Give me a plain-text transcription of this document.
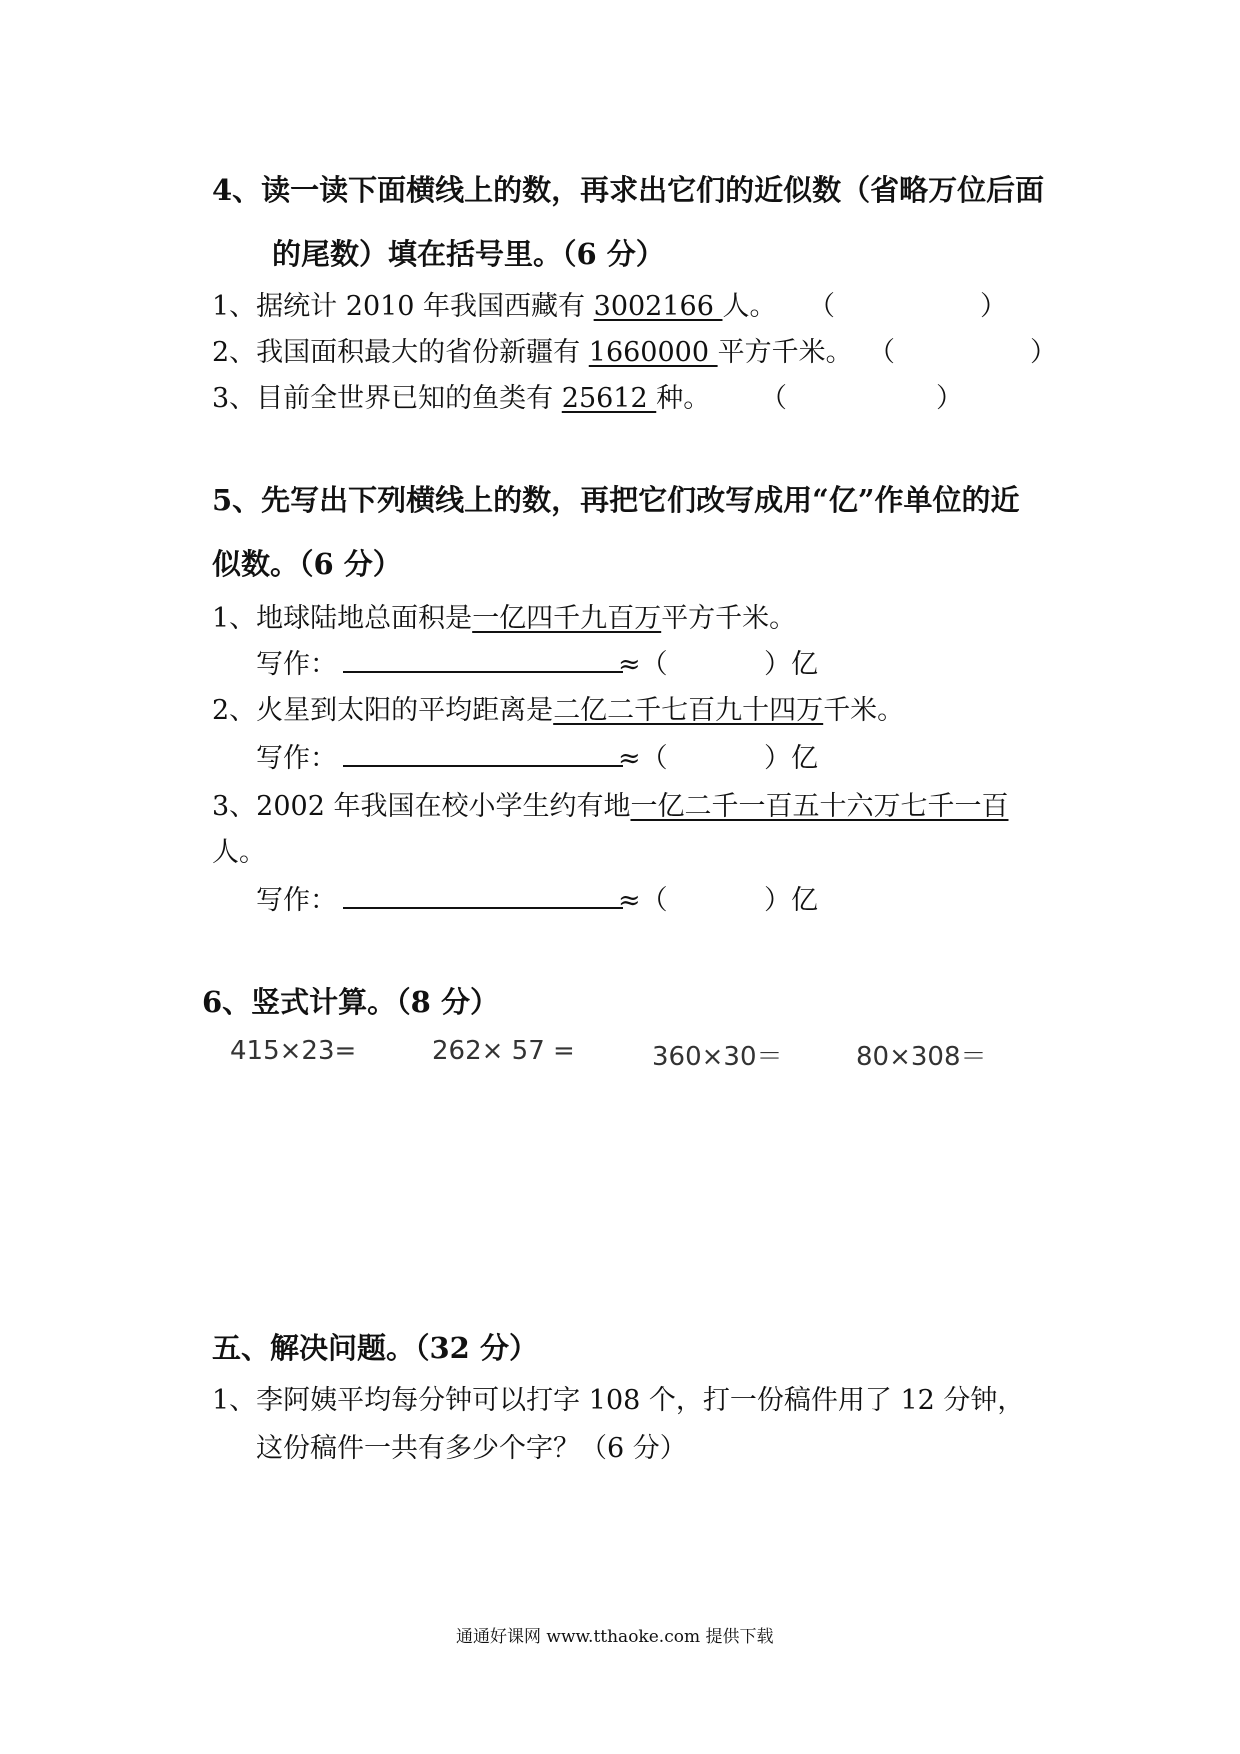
4、读一读下面横线上的数，再求出它们的近似数（省略万位后面
的尾数）填在括号里。（6 分）
1、据统计 2010 年我国西藏有 3002166 人。 （	）
2、我国面积最大的省份新疆有 1660000 平方千米。 （	）
3、目前全世界已知的鱼类有 25612 种。 （	）
5、先写出下列横线上的数，再把它们改写成用“亿”作单位的近
似数。（6 分）
1、地球陆地总面积是一亿四千九百万平方千米。
写作：	≈（	）亿
2、火星到太阳的平均距离是二亿二千七百九十四万千米。
写作：	≈（	）亿
3、2002 年我国在校小学生约有地一亿二千一百五十六万七千一百
人。
写作：	≈（	）亿
6、竖式计算。（8 分）
415×23=	262× 57 =	360×30＝	80×308＝
五、解决问题。（32 分）
1、李阿姨平均每分钟可以打字 108 个，打一份稿件用了 12 分钟，
这份稿件一共有多少个字？（6 分）
通通好课网 www.tthaoke.com 提供下载
